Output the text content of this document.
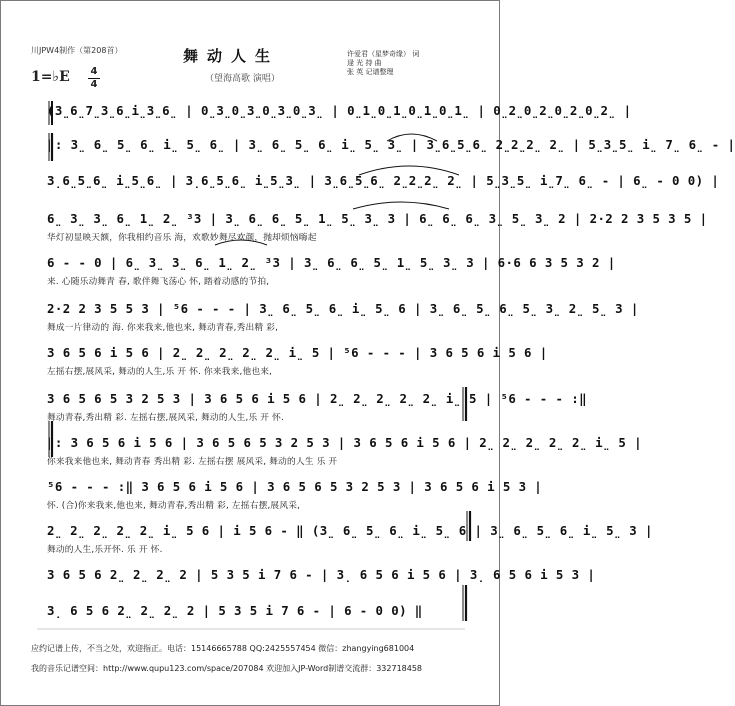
川JPW4制作（第208首）	舞动人生
（望海高歌 演唱）
许爱君（星梦奇缘） 词
逯 光 持 曲
张 英 记谱整理
1=♭E	4
4
(3̤6̤7̤3̤6̤i̤3̤6̤ | 0̤3̤0̤3̤0̤3̤0̤3̤ | 0̤1̤0̤1̤0̤1̤0̤1̤ | 0̤2̤0̤2̤0̤2̤0̤2̤ |
‖: 3̤ 6̤ 5̤ 6̤ i̤ 5̤ 6̤ | 3̤ 6̤ 5̤ 6̤ i̤ 5̤ 3̤ | 3̤6̤5̤6̤ 2̤2̤2̤ 2̤ | 5̤3̤5̤ i̤ 7̤ 6̤ - |
3̣6̤5̤6̤ i̤5̤6̤ | 3̣6̤5̤6̤ i̤5̤3̤ | 3̤6̤5̤6̤ 2̤2̤2̤ 2̤ | 5̤3̤5̤ i̤7̤ 6̤ - | 6̤ - 0 0) |
6̤ 3̤ 3̤ 6̤ 1̤ 2̤ ³3 | 3̤ 6̤ 6̤ 5̤ 1̤ 5̤ 3̤ 3 | 6̤ 6̤ 6̤ 3̤ 5̤ 3̤ 2 | 2·2 2 3 5 3 5 |
华灯初显映天额，你我相约音乐 海，欢歌妙舞尽欢颜，抛却烦恼嗨起
6 - - 0 | 6̤ 3̤ 3̤ 6̤ 1̤ 2̤ ³3 | 3̤ 6̤ 6̤ 5̤ 1̤ 5̤ 3̤ 3 | 6·6 6 3 5 3 2 |
来. 心随乐动舞青 春, 歌伴舞飞荡心 怀, 踏着动感的节拍,
2·2 2 3 5 5 3 | ⁵6 - - - | 3̤ 6̤ 5̤ 6̤ i̤ 5̤ 6 | 3̤ 6̤ 5̤ 6̤ 5̤ 3̤ 2̤ 5̤ 3 |
舞成一片律动的 海. 你来我来,他也来, 舞动青春,秀出精 彩,
3 6 5 6 i 5 6 | 2̤ 2̤ 2̤ 2̤ 2̤ i̤ 5 | ⁵6 - - - | 3 6 5 6 i 5 6 |
左摇右摆,展风采, 舞动的人生,乐 开 怀. 你来我来,他也来,
3 6 5 6 5 3 2 5 3 | 3 6 5 6 i 5 6 | 2̤ 2̤ 2̤ 2̤ 2̤ i̤ 5 | ⁵6 - - - :‖
舞动青春,秀出精 彩. 左摇右摆,展风采, 舞动的人生,乐 开 怀.
‖: 3 6 5 6 i 5 6 | 3 6 5 6 5 3 2 5 3 | 3 6 5 6 i 5 6 | 2̤ 2̤ 2̤ 2̤ 2̤ i̤ 5 |
你来我来他也来, 舞动青春 秀出精 彩. 左摇右摆 展风采, 舞动的人生 乐 开
⁵6 - - - :‖ 3 6 5 6 i 5 6 | 3 6 5 6 5 3 2 5 3 | 3 6 5 6 i 5 3 |
怀. (合)你来我来,他也来, 舞动青春,秀出精 彩, 左摇右摆,展风采,
2̤ 2̤ 2̤ 2̤ 2̤ i̤ 5 6 | i 5 6 - ‖ (3̤ 6̤ 5̤ 6̤ i̤ 5̤ 6 | 3̤ 6̤ 5̤ 6̤ i̤ 5̤ 3 |
舞动的人生,乐开怀. 乐 开 怀.
3 6 5 6 2̤ 2̤ 2̤ 2 | 5 3 5 i 7 6 - | 3̣ 6 5 6 i 5 6 | 3̣ 6 5 6 i 5 3 |
3̣ 6 5 6 2̤ 2̤ 2̤ 2 | 5 3 5 i 7 6 - | 6 - 0 0) ‖
应约记谱上传，不当之处，欢迎指正。电话：15146665788 QQ:2425557454 微信：zhangying681004
我的音乐记谱空间：http://www.qupu123.com/space/207084 欢迎加入JP-Word制谱交流群：332718458
